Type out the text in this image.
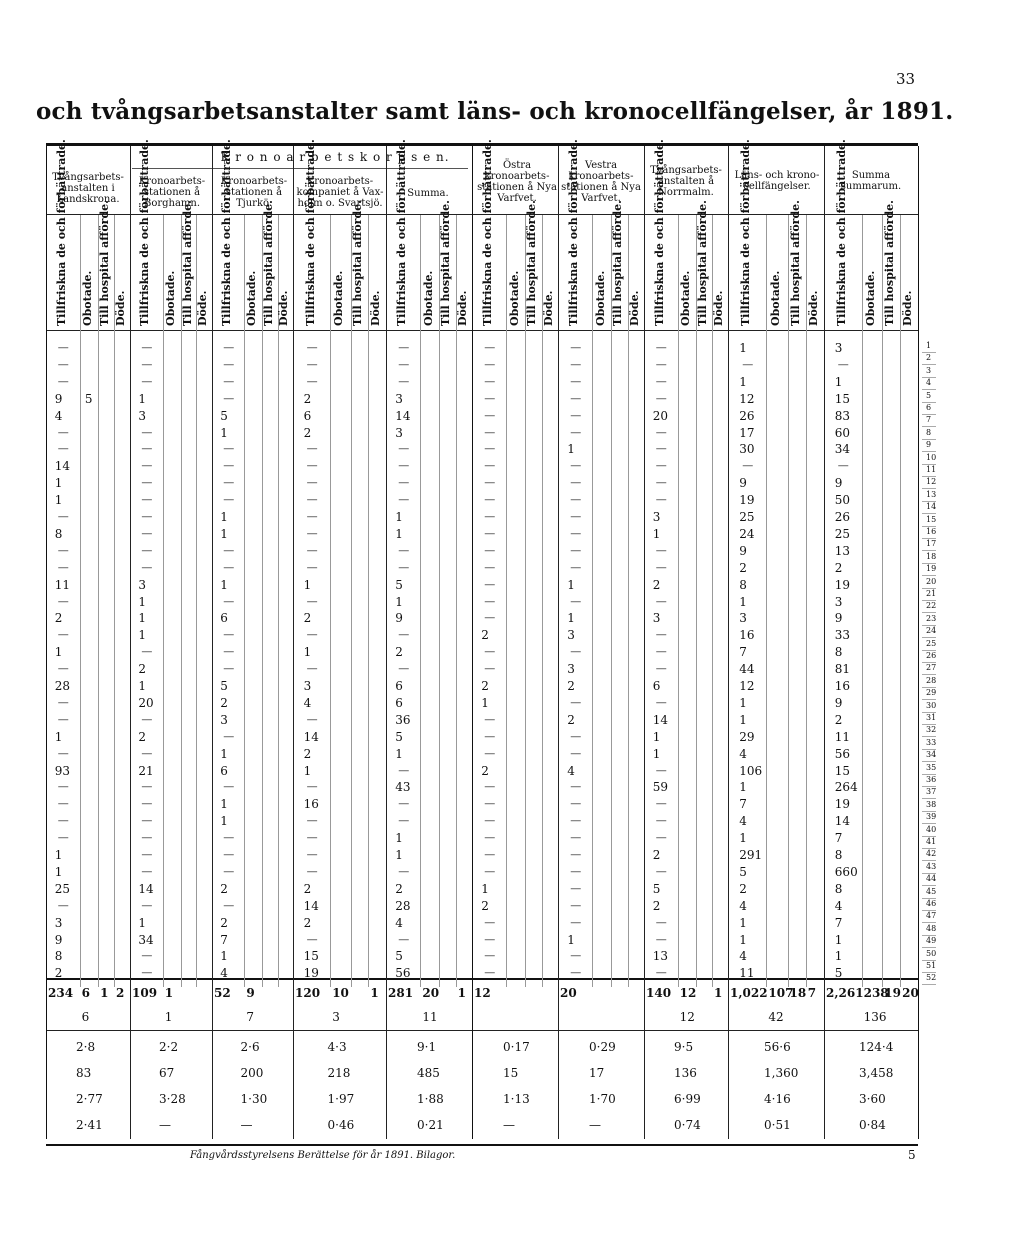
33
och tvångsarbetsanstalter samt läns- och kronocellfängelser, år 1891.
K r o n o a r b e t s k o r p s e n.
Tvångsarbets-anstalten i Landskrona.
Kronoarbets-stationen å Borghamn.
Kronoarbets-stationen å Tjurkö.
Kronoarbets-kompaniet å Vax-holm o. Svartsjö.
Summa.
Östra kronoarbets-stationen å Nya Varfvet.
Vestra kronoarbets-stationen å Nya Varfvet.
Tvångsarbets-anstalten å Norrmalm.
Läns- och krono-cellfängelser.
Summa summarum.
Tillfriskna de och förbättrade. Obotade. Till hospital afförde. Döde. Tillfriskna de och förbättrade. Obotade. Till hospital afförde. Döde. Tillfriskna de och förbättrade. Obotade. Till hospital afförde. Döde. Tillfriskna de och förbättrade. Obotade. Till hospital afförde. Döde. Tillfriskna de och förbättrade. Obotade. Till hospital afförde. Döde. Tillfriskna de och förbättrade. Obotade. Till hospital afförde. Döde. Tillfriskna de och förbättrade. Obotade. Till hospital afförde. Döde. Tillfriskna de och förbättrade. Obotade. Till hospital afförde. Döde. Tillfriskna de och förbättrade. Obotade. Till hospital afförde. Döde. Tillfriskna de och förbättrade. Obotade. Till hospital afförde. Döde.
—
—
—
9
4
—
—
14
1
1
—
8
—
—
11
—
2
—
1
—
28
—
—
1
—
93
—
—
—
—
1
1
25
—
3
9
8
2
5
—
—
—
1
3
—
—
—
—
—
—
—
—
—
3
1
1
1
—
2
1
20
—
2
—
21
—
—
—
—
—
—
14
—
1
34
—
—
—
—
—
—
5
1
—
—
—
—
1
1
—
—
1
—
6
—
—
—
5
2
3
—
1
6
—
1
1
—
—
—
2
—
2
7
1
4
—
—
—
2
6
2
—
—
—
—
—
—
—
—
1
—
2
—
1
—
3
4
—
14
2
1
—
16
—
—
—
—
2
14
2
—
15
19
—
—
—
3
14
3
—
—
—
—
1
1
—
—
5
1
9
—
2
—
6
6
36
5
1
—
43
—
—
1
1
—
2
28
4
—
5
56
—
—
—
—
—
—
—
—
—
—
—
—
—
—
—
—
—
2
—
—
2
1
—
—
—
2
—
—
—
—
—
—
1
2
—
—
—
—
—
—
—
—
—
—
1
—
—
—
—
—
—
—
1
—
1
3
—
3
2
—
2
—
—
4
—
—
—
—
—
—
—
—
—
1
—
—
—
—
—
—
20
—
—
—
—
—
3
1
—
—
2
—
3
—
—
—
6
—
14
1
1
—
59
—
—
—
2
—
5
2
—
—
13
—
1
—
1
12
26
17
30
—
9
19
25
24
9
2
8
1
3
16
7
44
12
1
1
29
4
106
1
7
4
1
291
5
2
4
1
1
4
11
3
—
1
15
83
60
34
—
9
50
26
25
13
2
19
3
9
33
8
81
16
9
2
11
56
15
264
19
14
7
8
660
8
4
7
1
1
5
1
2
3
4
5
6
7
8
9
10
11
12
13
14
15
16
17
18
19
20
21
22
23
24
25
26
27
28
29
30
31
32
33
34
35
36
37
38
39
40
41
42
43
44
45
46
47
48
49
50
51
52
234 6
6
1 2
2·8
83
2·77
2·41
109 1
1
2·2
67
3·28
—
52 9
7
2·6
200
1·30
—
120 10
3
1
4·3
218
1·97
0·46
281 20
11
1
9·1
485
1·88
0·21
12
0·17
15
1·13
—
20
0·29
17
1·70
—
140 12
12
1
9·5
136
6·99
0·74
1,022 107
42
18 7
56·6
1,360
4·16
0·51
2,261 238
136
19 20
124·4
3,458
3·60
0·84
Fångvårdsstyrelsens Berättelse för år 1891. Bilagor.	5
